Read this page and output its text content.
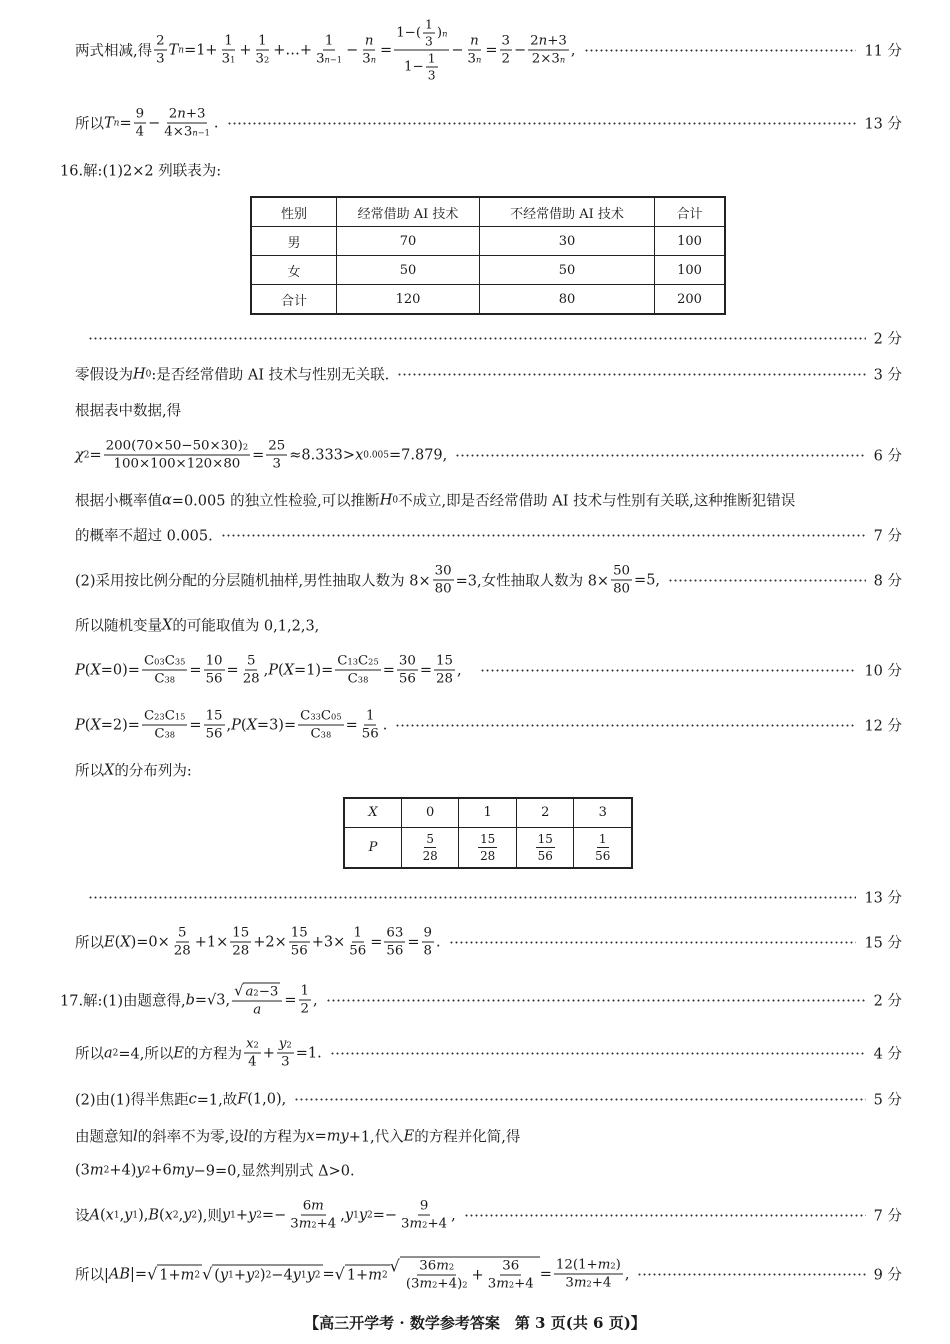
两式相减,得 $\frac{2}{3}$ T $n =1+ \frac{1}{3 1} + \frac{1}{3 2}$ +…+ $\frac{1}{3 n-1} - \frac{n}{3 n} = \frac{1-( \frac{1}{3} ) n}{1- \frac{1}{3}} - \frac{n}{3 n} = \frac{3}{2} - \frac{2 n +3}{2\times 3 n}$ ,	11 分
所以 T $n = \frac{9}{4} - \frac{2 n +3}{4\times 3 n-1}$ .	13 分
16.解:(1)2×2 列联表为:
性别	经常借助 AI 技术	不经常借助 AI 技术	合计
男	70	30	100
女	50	50	100
合计	120	80	200
2 分
零假设为 H 0 :是否经常借助 AI 技术与性别无关联.	3 分
根据表中数据,得
χ $2 = \frac{200(70\times 50-50\times 30) 2}{100\times 100\times 120\times 80} = \frac{25}{3} \approx 8.333> x$ 0.005 =7.879,	6 分
根据小概率值 α =0.005 的独立性检验,可以推断 H 0 不成立,即是否经常借助 AI 技术与性别有关联,这种推断犯错误
的概率不超过 0.005.	7 分
(2)采用按比例分配的分层随机抽样,男性抽取人数为 $8\times \frac{30}{80} =3$,女性抽取人数为 $8\times \frac{50}{80} =5$,	8 分
所以随机变量 X 的可能取值为 0,1,2,3,
P ( $X =0)= \frac{C 0 3 C 3 5}{C 3 8} = \frac{10}{56} = \frac{5}{28}$ , P ( $X =1)= \frac{C 1 3 C 2 5}{C 3 8} = \frac{30}{56} = \frac{15}{28}$ ,	10 分
P ( $X =2)= \frac{C 2 3 C 1 5}{C 3 8} = \frac{15}{56}$ , P ( $X =3)= \frac{C 3 3 C 0 5}{C 3 8} = \frac{1}{56}$ .	12 分
所以 X 的分布列为:
X	0	1	2	3
P	$\frac{5}{28}$	$\frac{15}{28}$	$\frac{15}{56}$	$\frac{1}{56}$
13 分
所以 E ( X )$=0\times \frac{5}{28} +1\times \frac{15}{28} +2\times \frac{15}{56} +3\times \frac{1}{56} = \frac{63}{56} = \frac{9}{8}$ .	15 分
17.解:(1)由题意得, b =√3, $\frac{√ a 2 -3}{a} = \frac{1}{2}$ ,	2 分
所以 a 2 =4,所以 E 的方程为 $\frac{x 2}{4} + \frac{y 2}{3} =1$.	4 分
(2)由(1)得半焦距 c =1,故 F (1,0),	5 分
由题意知 l 的斜率不为零,设 l 的方程为 x = my +1,代入 E 的方程并化简,得
(3 m 2 +4) y 2 +6 my −9=0,显然判别式 Δ>0.
设 A ( x 1 , y 1 ), B ( x 2 , y 2 ),则 y 1 + y $2 =- \frac{6 m}{3 m 2 +4}$ , y 1 y $2 =- \frac{9}{3 m 2 +4}$ ,	7 分
所以| AB |= √ 1+ m 2 √ ( y 1 + y 2 ) 2 −4 y 1 y 2 = √ 1+ m 2 √ $\frac{36 m 2}{(3 m 2 +4) 2} + \frac{36}{3 m 2 +4} = \frac{12(1+ m 2 )}{3 m 2 +4}$ ,	9 分
【高三开学考 · 数学参考答案　第 3 页(共 6 页)】
